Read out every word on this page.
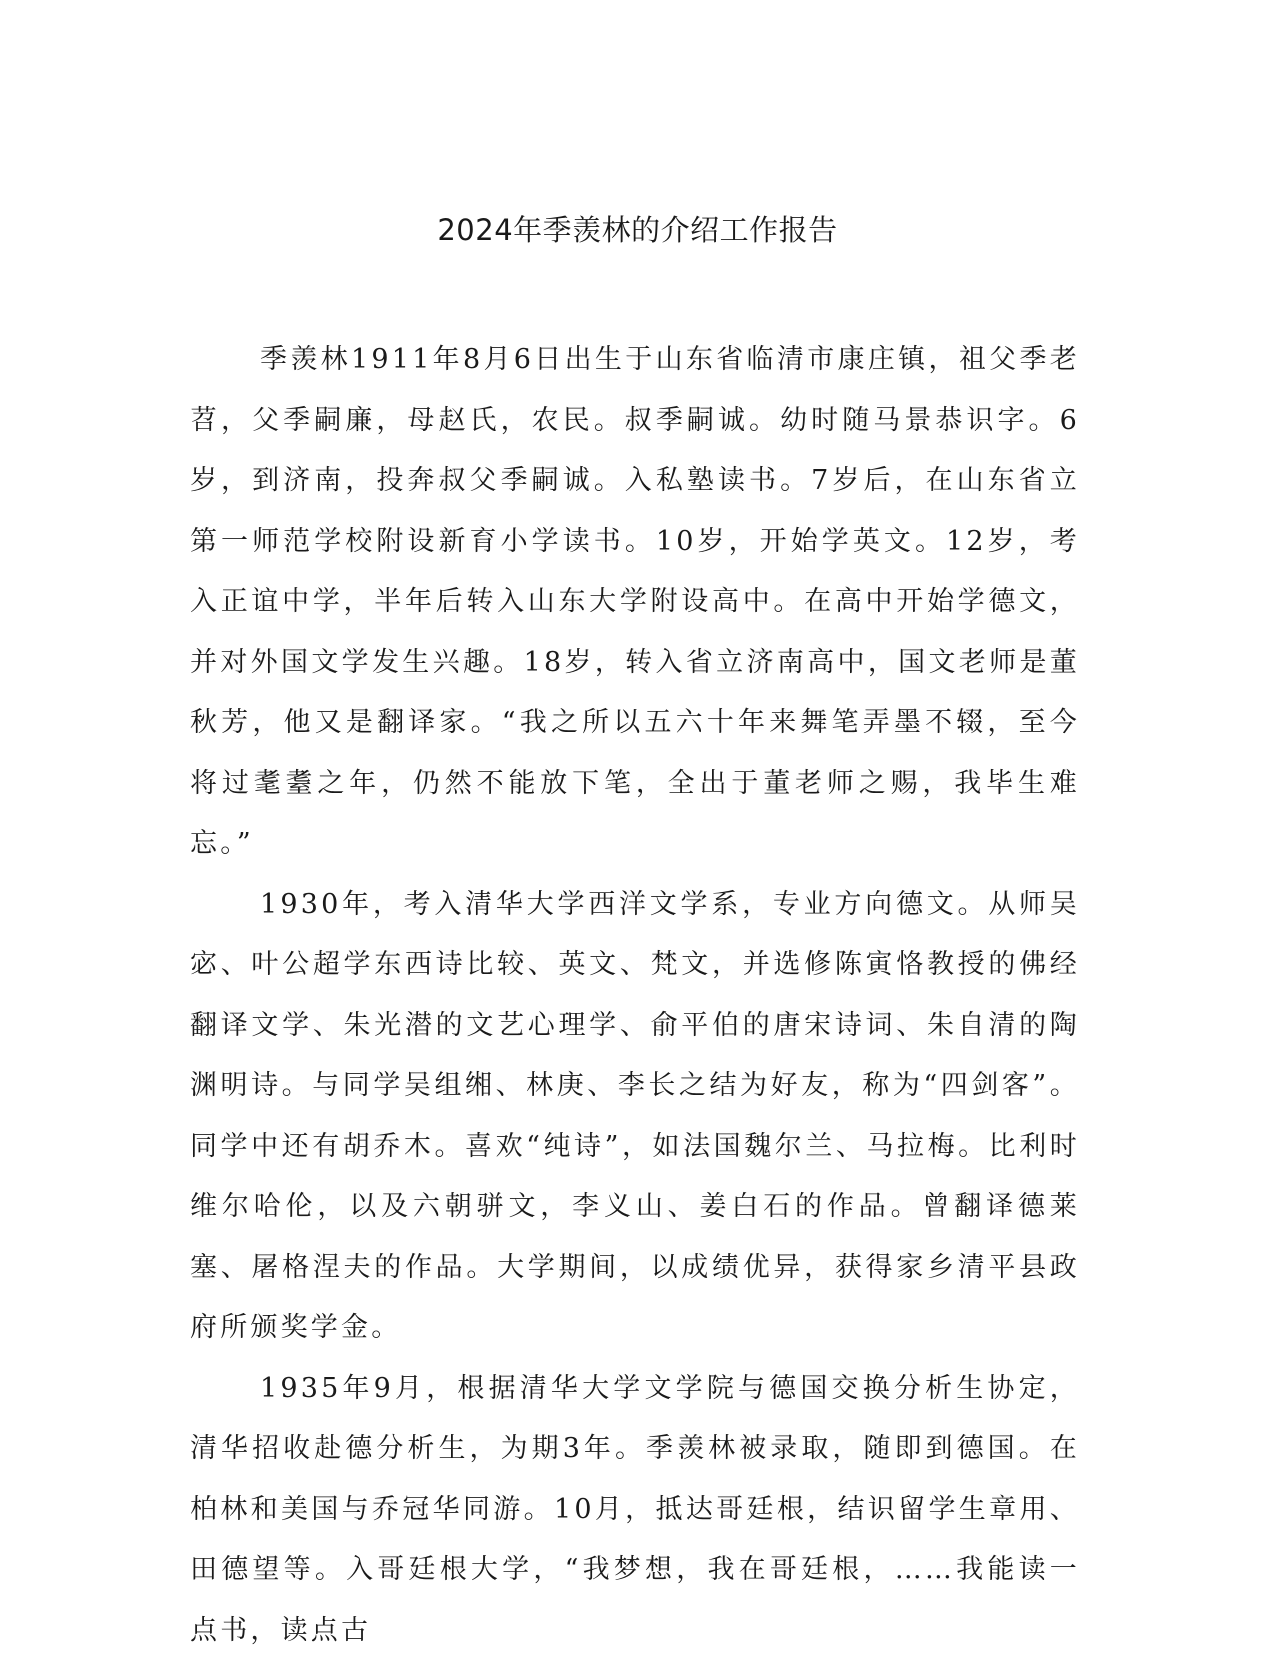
2024年季羡林的介绍工作报告

季羡林1911年8月6日出生于山东省临清市康庄镇，祖父季老苕，父季嗣廉，母赵氏，农民。叔季嗣诚。幼时随马景恭识字。6岁，到济南，投奔叔父季嗣诚。入私塾读书。7岁后，在山东省立第一师范学校附设新育小学读书。10岁，开始学英文。12岁，考入正谊中学，半年后转入山东大学附设高中。在高中开始学德文，并对外国文学发生兴趣。18岁，转入省立济南高中，国文老师是董秋芳，他又是翻译家。“我之所以五六十年来舞笔弄墨不辍，至今将过耄耋之年，仍然不能放下笔，全出于董老师之赐，我毕生难忘。”

1930年，考入清华大学西洋文学系，专业方向德文。从师吴宓、叶公超学东西诗比较、英文、梵文，并选修陈寅恪教授的佛经翻译文学、朱光潜的文艺心理学、俞平伯的唐宋诗词、朱自清的陶渊明诗。与同学吴组缃、林庚、李长之结为好友，称为“四剑客”。同学中还有胡乔木。喜欢“纯诗”，如法国魏尔兰、马拉梅。比利时维尔哈伦，以及六朝骈文，李义山、姜白石的作品。曾翻译德莱塞、屠格涅夫的作品。大学期间，以成绩优异，获得家乡清平县政府所颁奖学金。

1935年9月，根据清华大学文学院与德国交换分析生协定，清华招收赴德分析生，为期3年。季羡林被录取，随即到德国。在柏林和美国与乔冠华同游。10月，抵达哥廷根，结识留学生章用、田德望等。入哥廷根大学，“我梦想，我在哥廷根，……我能读一点书，读点古
